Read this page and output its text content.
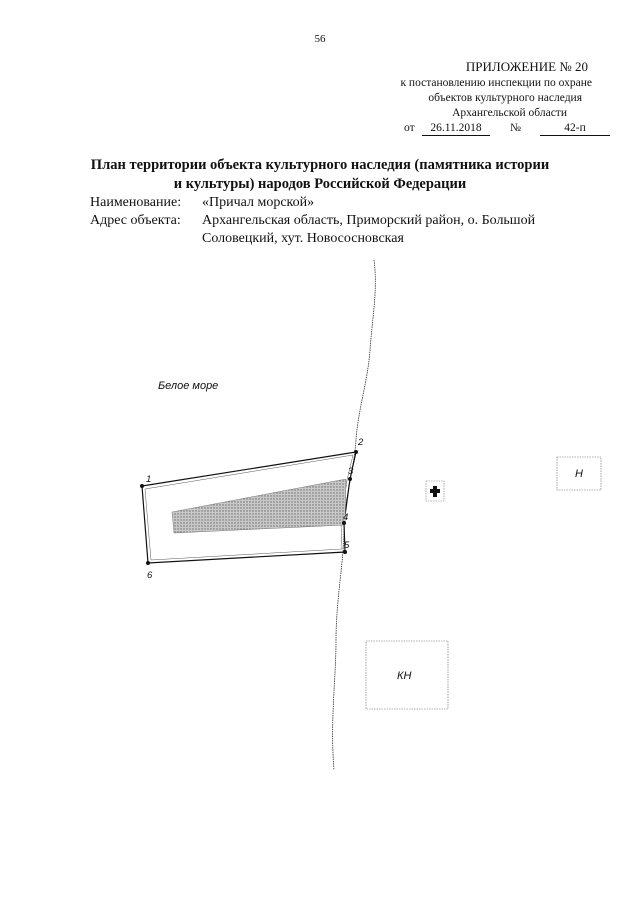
56
ПРИЛОЖЕНИЕ № 20
к постановлению инспекции по охране
объектов культурного наследия
Архангельской области
от	26.11.2018	№	42-п
План территории объекта культурного наследия (памятника истории
и культуры) народов Российской Федерации
Наименование: «Причал морской»
Адрес объекта: Архангельская область, Приморский район, о. Большой
Соловецкий, хут. Новососновская
Белое море
1
2
3
4
5
6
Н
КН
